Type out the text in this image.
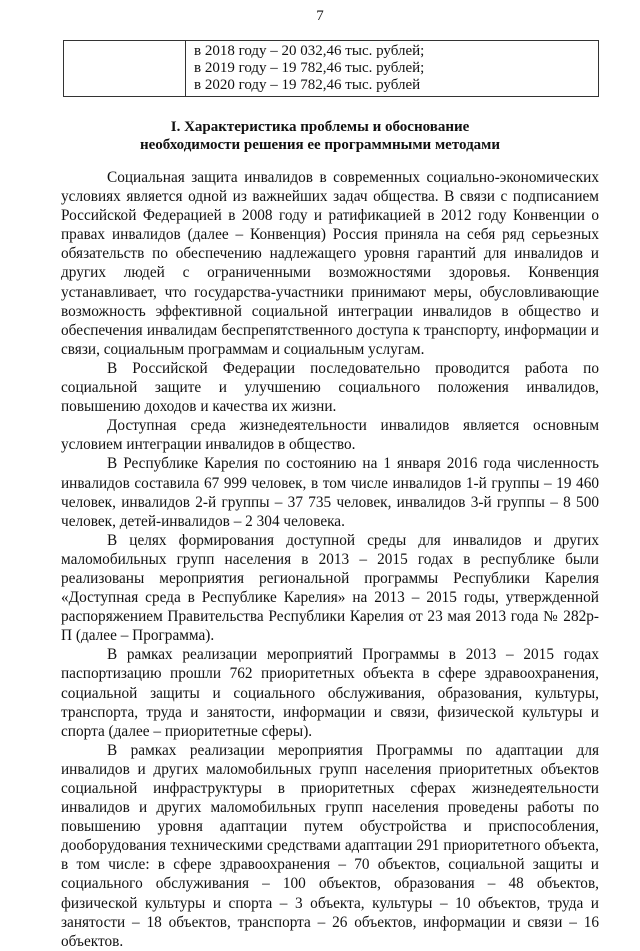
7

в 2018 году – 20 032,46 тыс. рублей;
в 2019 году – 19 782,46 тыс. рублей;
в 2020 году – 19 782,46 тыс. рублей
I. Характеристика проблемы и обоснование
необходимости решения ее программными методами

Социальная защита инвалидов в современных социально-экономических условиях является одной из важнейших задач общества. В связи с подписанием Российской Федерацией в 2008 году и ратификацией в 2012 году Конвенции о правах инвалидов (далее – Конвенция) Россия приняла на себя ряд серьезных обязательств по обеспечению надлежащего уровня гарантий для инвалидов и других людей с ограниченными возможностями здоровья. Конвенция устанавливает, что государства-участники принимают меры, обусловливающие возможность эффективной социальной интеграции инвалидов в общество и обеспечения инвалидам беспрепятственного доступа к транспорту, информации и связи, социальным программам и социальным услугам.

В Российской Федерации последовательно проводится работа по социальной защите и улучшению социального положения инвалидов, повышению доходов и качества их жизни.

Доступная среда жизнедеятельности инвалидов является основным условием интеграции инвалидов в общество.

В Республике Карелия по состоянию на 1 января 2016 года численность инвалидов составила 67 999 человек, в том числе инвалидов 1-й группы – 19 460 человек, инвалидов 2-й группы – 37 735 человек, инвалидов 3-й группы – 8 500 человек, детей-инвалидов – 2 304 человека.

В целях формирования доступной среды для инвалидов и других маломобильных групп населения в 2013 – 2015 годах в республике были реализованы мероприятия региональной программы Республики Карелия «Доступная среда в Республике Карелия» на 2013 – 2015 годы, утвержденной распоряжением Правительства Республики Карелия от 23 мая 2013 года № 282р-П (далее – Программа).

В рамках реализации мероприятий Программы в 2013 – 2015 годах паспортизацию прошли 762 приоритетных объекта в сфере здравоохранения, социальной защиты и социального обслуживания, образования, культуры, транспорта, труда и занятости, информации и связи, физической культуры и спорта (далее – приоритетные сферы).

В рамках реализации мероприятия Программы по адаптации для инвалидов и других маломобильных групп населения приоритетных объектов социальной инфраструктуры в приоритетных сферах жизнедеятельности инвалидов и других маломобильных групп населения проведены работы по повышению уровня адаптации путем обустройства и приспособления, дооборудования техническими средствами адаптации 291 приоритетного объекта, в том числе: в сфере здравоохранения – 70 объектов, социальной защиты и социального обслуживания – 100 объектов, образования – 48 объектов, физической культуры и спорта – 3 объекта, культуры – 10 объектов, труда и занятости – 18 объектов, транспорта – 26 объектов, информации и связи – 16 объектов.
